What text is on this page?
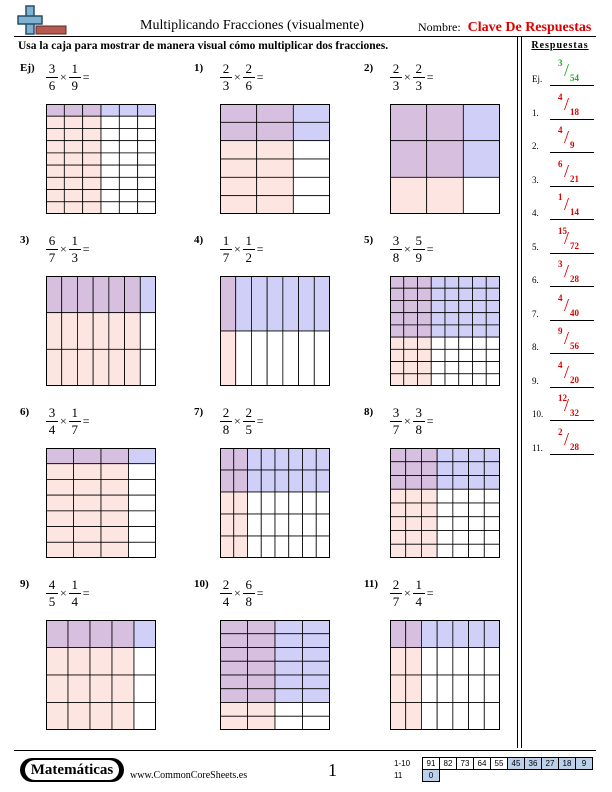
Multiplicando Fracciones (visualmente)	Nombre: Clave De Respuestas
Usa la caja para mostrar de manera visual cómo multiplicar dos fracciones.	Respuestas
$Ej) \frac{3}{6} \times \frac{1}{9}$ =
$1) \frac{2}{3} \times \frac{2}{6}$ =
$2) \frac{2}{3} \times \frac{2}{3}$ =
$3) \frac{6}{7} \times \frac{1}{3}$ =
$4) \frac{1}{7} \times \frac{1}{2}$ =
$5) \frac{3}{8} \times \frac{5}{9}$ =
$6) \frac{3}{4} \times \frac{1}{7}$ =
$7) \frac{2}{8} \times \frac{2}{5}$ =
$8) \frac{3}{7} \times \frac{3}{8}$ =
$9) \frac{4}{5} \times \frac{1}{4}$ =
$10) \frac{2}{4} \times \frac{6}{8}$ =
$11) \frac{2}{7} \times \frac{1}{4}$ =
Ej.
3 / 54
1.
4 / 18
2.
4 / 9
3.
6 / 21
4.
1 / 14
5.
15
/ 72
6.
3 / 28
7.
4 / 40
8.
9 / 56
9.
4 / 20
10.
12
/ 32
11.
2 / 28
Matemáticas	www.CommonCoreSheets.es	1	1-10	91	82	73	64	55	45	36	27	18	9
11	0									
